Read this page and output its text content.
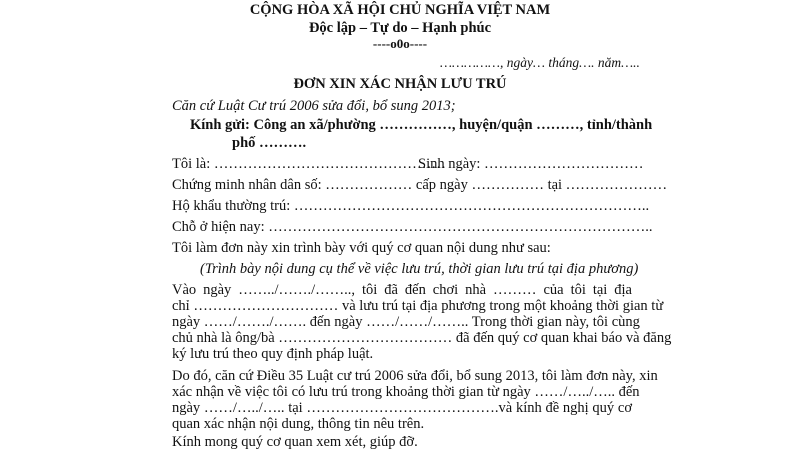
CỘNG HÒA XÃ HỘI CHỦ NGHĨA VIỆT NAM
Độc lập – Tự do – Hạnh phúc
----o0o----
……………, ngày… tháng…. năm…..
ĐƠN XIN XÁC NHẬN LƯU TRÚ
Căn cứ Luật Cư trú 2006 sửa đổi, bổ sung 2013;
Kính gửi: Công an xã/phường ……………, huyện/quận ………, tỉnh/thành
phố ……….
Tôi là: …………………………………………
Sinh ngày: ……………………………
Chứng minh nhân dân số: ……………… cấp ngày …………… tại …………………
Hộ khẩu thường trú: ………………………………………………………………..
Chỗ ở hiện nay: ……………………………………………………………………..
Tôi làm đơn này xin trình bày với quý cơ quan nội dung như sau:
(Trình bày nội dung cụ thể về việc lưu trú, thời gian lưu trú tại địa phương)
Vào ngày ……../……./…….., tôi đã đến chơi nhà ……… của tôi tại địa
chỉ ………………………… và lưu trú tại địa phương trong một khoảng thời gian từ
ngày ……/……./……. đến ngày ……/……/…….. Trong thời gian này, tôi cùng
chủ nhà là ông/bà ……………………………… đã đến quý cơ quan khai báo và đăng
ký lưu trú theo quy định pháp luật.
Do đó, căn cứ Điều 35 Luật cư trú 2006 sửa đổi, bổ sung 2013, tôi làm đơn này, xin
xác nhận về việc tôi có lưu trú trong khoảng thời gian từ ngày ……/…../….. đến
ngày ……/…../….. tại ………………………………….và kính đề nghị quý cơ
quan xác nhận nội dung, thông tin nêu trên.
Kính mong quý cơ quan xem xét, giúp đỡ.
